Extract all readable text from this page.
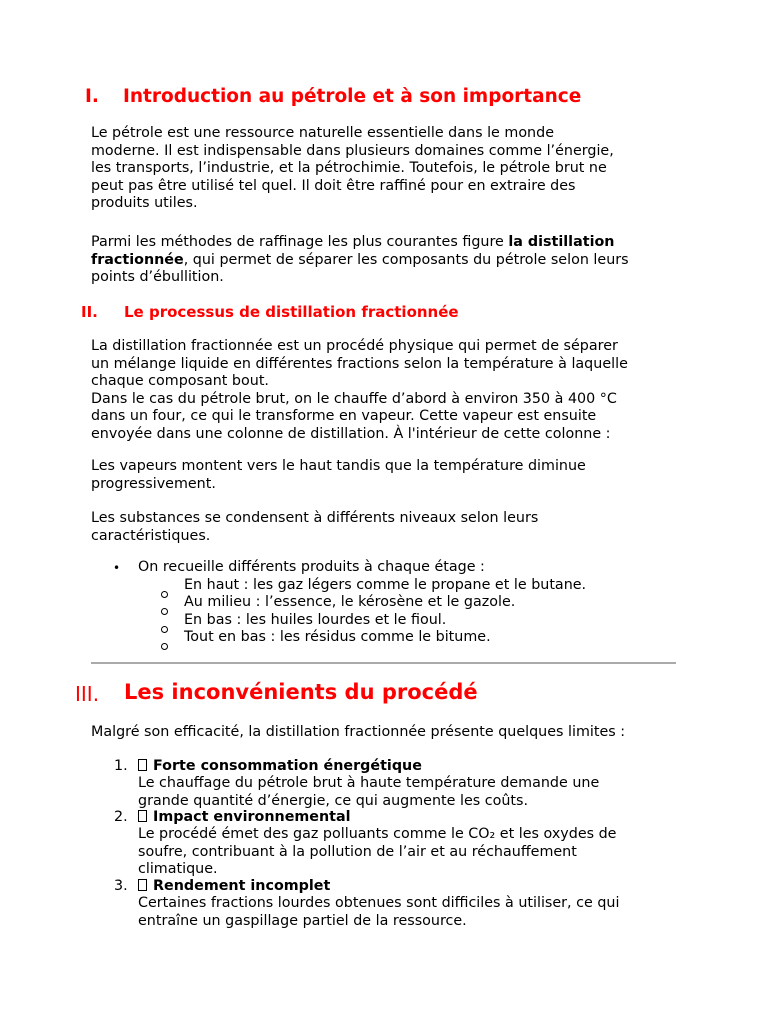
I. Introduction au pétrole et à son importance

Le pétrole est une ressource naturelle essentielle dans le monde

moderne. Il est indispensable dans plusieurs domaines comme l’énergie,

les transports, l’industrie, et la pétrochimie. Toutefois, le pétrole brut ne

peut pas être utilisé tel quel. Il doit être raffiné pour en extraire des

produits utiles.

Parmi les méthodes de raffinage les plus courantes figure la distillation

fractionnée, qui permet de séparer les composants du pétrole selon leurs

points d’ébullition.

II. Le processus de distillation fractionnée

La distillation fractionnée est un procédé physique qui permet de séparer

un mélange liquide en différentes fractions selon la température à laquelle

chaque composant bout.

Dans le cas du pétrole brut, on le chauffe d’abord à environ 350 à 400 °C

dans un four, ce qui le transforme en vapeur. Cette vapeur est ensuite

envoyée dans une colonne de distillation. À l'intérieur de cette colonne :

Les vapeurs montent vers le haut tandis que la température diminue

progressivement.

Les substances se condensent à différents niveaux selon leurs

caractéristiques.

• On recueille différents produits à chaque étage :
En haut : les gaz légers comme le propane et le butane.
Au milieu : l’essence, le kérosène et le gazole.
En bas : les huiles lourdes et le fioul.
Tout en bas : les résidus comme le bitume.
III. Les inconvénients du procédé
Malgré son efficacité, la distillation fractionnée présente quelques limites :
1.	Forte consommation énergétique

Le chauffage du pétrole brut à haute température demande une

grande quantité d’énergie, ce qui augmente les coûts.

2.	Impact environnemental

Le procédé émet des gaz polluants comme le CO₂ et les oxydes de

soufre, contribuant à la pollution de l’air et au réchauffement

climatique.

3.	Rendement incomplet

Certaines fractions lourdes obtenues sont difficiles à utiliser, ce qui

entraîne un gaspillage partiel de la ressource.
